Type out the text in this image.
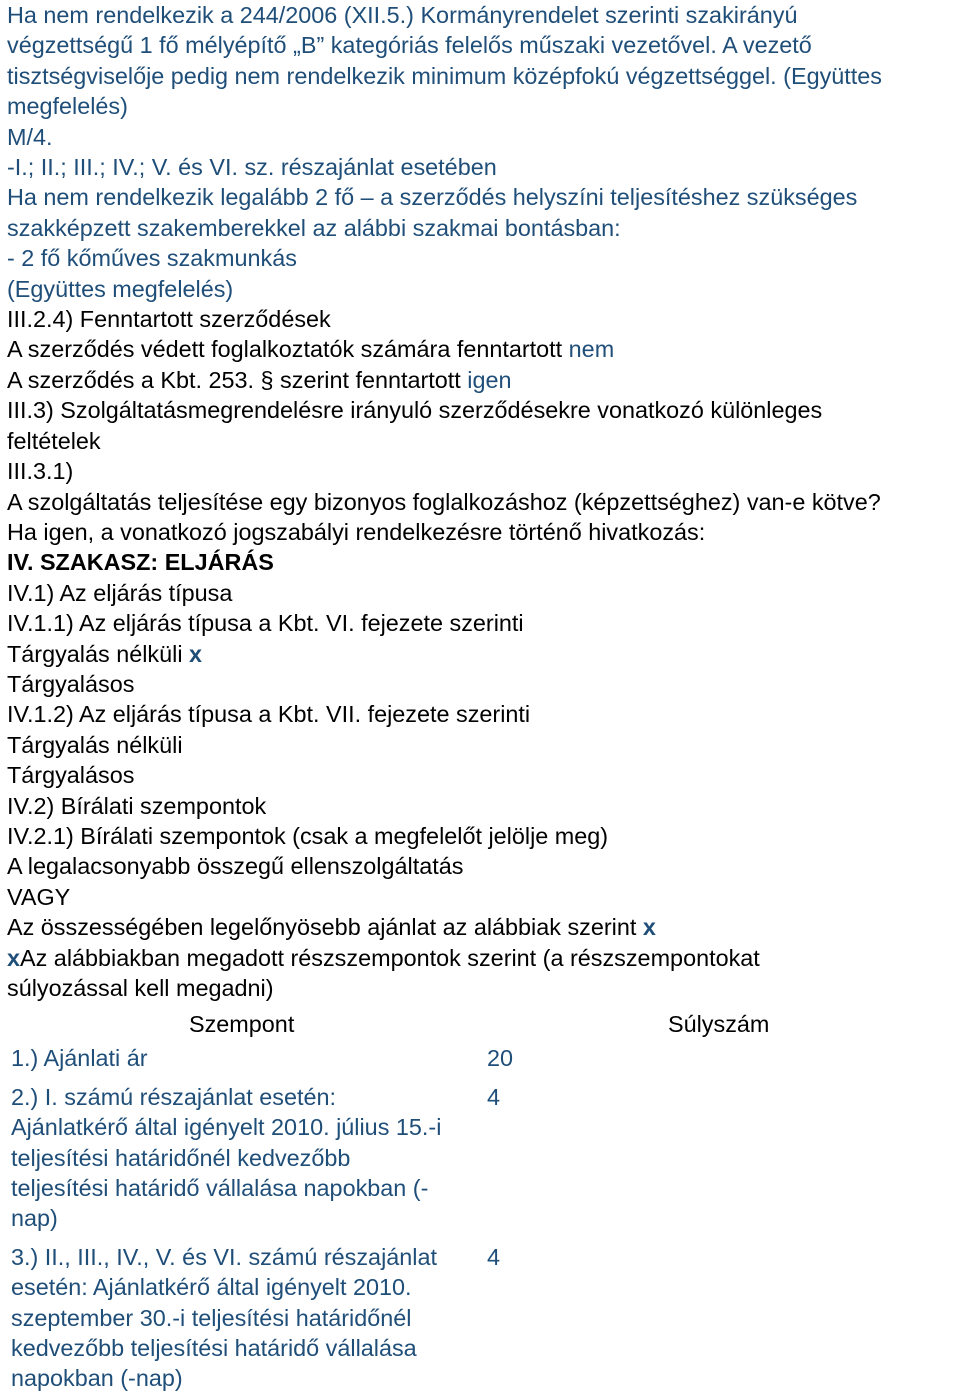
Ha nem rendelkezik a 244/2006 (XII.5.) Kormányrendelet szerinti szakirányú
végzettségű 1 fő mélyépítő „B” kategóriás felelős műszaki vezetővel. A vezető
tisztségviselője pedig nem rendelkezik minimum középfokú végzettséggel. (Együttes
megfelelés)
M/4.
-I.; II.; III.; IV.; V. és VI. sz. részajánlat esetében
Ha nem rendelkezik legalább 2 fő – a szerződés helyszíni teljesítéshez szükséges
szakképzett szakemberekkel az alábbi szakmai bontásban:
- 2 fő kőműves szakmunkás
(Együttes megfelelés)
III.2.4) Fenntartott szerződések
A szerződés védett foglalkoztatók számára fenntartott nem
A szerződés a Kbt. 253. § szerint fenntartott igen
III.3) Szolgáltatásmegrendelésre irányuló szerződésekre vonatkozó különleges
feltételek
III.3.1)
A szolgáltatás teljesítése egy bizonyos foglalkozáshoz (képzettséghez) van-e kötve?
Ha igen, a vonatkozó jogszabályi rendelkezésre történő hivatkozás:
IV. SZAKASZ: ELJÁRÁS
IV.1) Az eljárás típusa
IV.1.1) Az eljárás típusa a Kbt. VI. fejezete szerinti
Tárgyalás nélküli x
Tárgyalásos
IV.1.2) Az eljárás típusa a Kbt. VII. fejezete szerinti
Tárgyalás nélküli
Tárgyalásos
IV.2) Bírálati szempontok
IV.2.1) Bírálati szempontok (csak a megfelelőt jelölje meg)
A legalacsonyabb összegű ellenszolgáltatás
VAGY
Az összességében legelőnyösebb ajánlat az alábbiak szerint x
xAz alábbiakban megadott részszempontok szerint (a részszempontokat
súlyozással kell megadni)
Szempont	Súlyszám
1.) Ajánlati ár	20
2.) I. számú részajánlat esetén: Ajánlatkérő által igényelt 2010. július 15.-i teljesítési határidőnél kedvezőbb teljesítési határidő vállalása napokban (-nap)
4
3.) II., III., IV., V. és VI. számú részajánlat esetén: Ajánlatkérő által igényelt 2010. szeptember 30.-i teljesítési határidőnél kedvezőbb teljesítési határidő vállalása napokban (-nap)
4
